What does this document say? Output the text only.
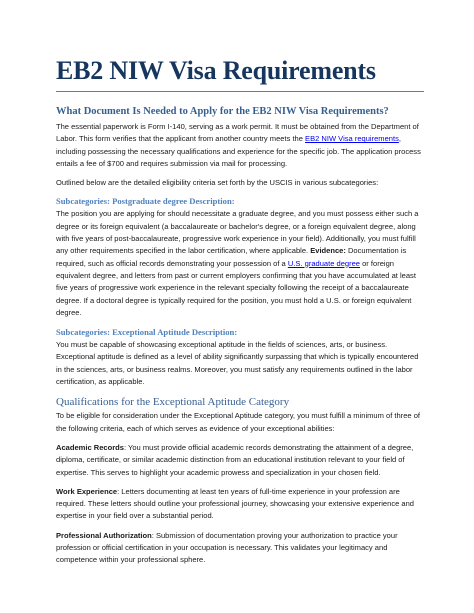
EB2 NIW Visa Requirements
What Document Is Needed to Apply for the EB2 NIW Visa Requirements?

The essential paperwork is Form I-140, serving as a work permit. It must be obtained from the Department of Labor. This form verifies that the applicant from another country meets the EB2 NIW Visa requirements, including possessing the necessary qualifications and experience for the specific job. The application process entails a fee of $700 and requires submission via mail for processing.

Outlined below are the detailed eligibility criteria set forth by the USCIS in various subcategories:

Subcategories: Postgraduate degree Description:

The position you are applying for should necessitate a graduate degree, and you must possess either such a degree or its foreign equivalent (a baccalaureate or bachelor's degree, or a foreign equivalent degree, along with five years of post-baccalaureate, progressive work experience in your field). Additionally, you must fulfill any other requirements specified in the labor certification, where applicable. Evidence: Documentation is required, such as official records demonstrating your possession of a U.S. graduate degree or foreign equivalent degree, and letters from past or current employers confirming that you have accumulated at least five years of progressive work experience in the relevant specialty following the receipt of a baccalaureate degree. If a doctoral degree is typically required for the position, you must hold a U.S. or foreign equivalent degree.

Subcategories: Exceptional Aptitude Description:

You must be capable of showcasing exceptional aptitude in the fields of sciences, arts, or business. Exceptional aptitude is defined as a level of ability significantly surpassing that which is typically encountered in the sciences, arts, or business realms. Moreover, you must satisfy any requirements outlined in the labor certification, as applicable.

Qualifications for the Exceptional Aptitude Category

To be eligible for consideration under the Exceptional Aptitude category, you must fulfill a minimum of three of the following criteria, each of which serves as evidence of your exceptional abilities:

Academic Records: You must provide official academic records demonstrating the attainment of a degree, diploma, certificate, or similar academic distinction from an educational institution relevant to your field of expertise. This serves to highlight your academic prowess and specialization in your chosen field.

Work Experience: Letters documenting at least ten years of full-time experience in your profession are required. These letters should outline your professional journey, showcasing your extensive experience and expertise in your field over a substantial period.

Professional Authorization: Submission of documentation proving your authorization to practice your profession or official certification in your occupation is necessary. This validates your legitimacy and competence within your professional sphere.
